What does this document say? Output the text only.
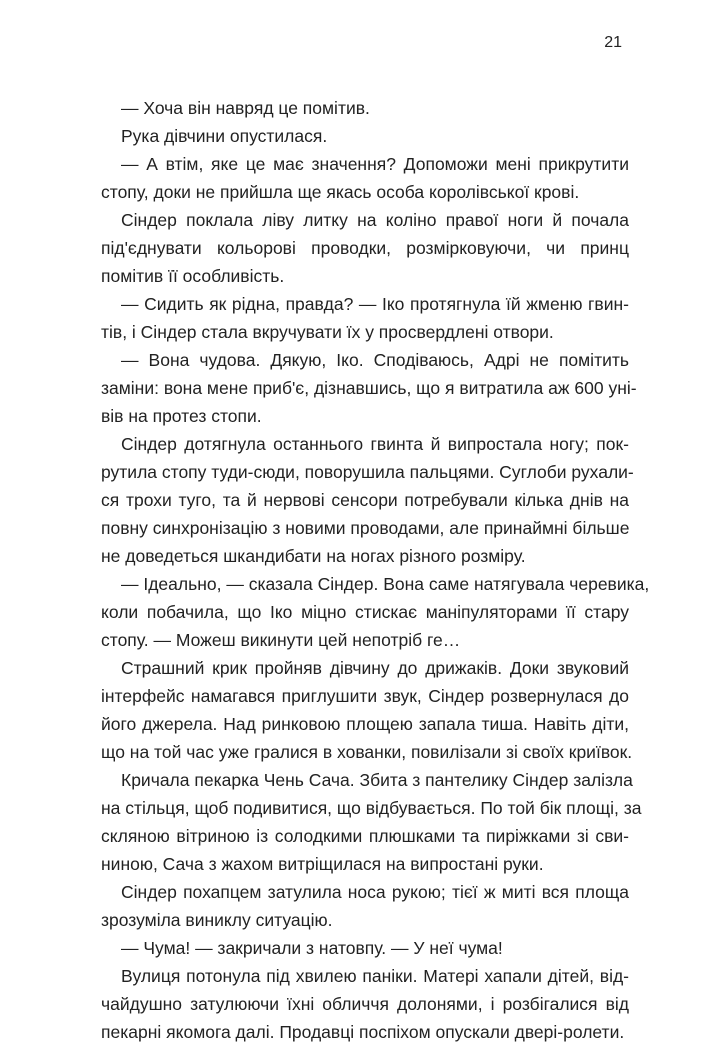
21

— Хоча він навряд це помітив.

Рука дівчини опустилася.

— А втім, яке це має значення? Допоможи мені прикрутити
стопу, доки не прийшла ще якась особа королівської крові.

Сіндер поклала ліву литку на коліно правої ноги й почала
під'єднувати кольорові проводки, розмірковуючи, чи принц
помітив її особливість.

— Сидить як рідна, правда? — Іко протягнула їй жменю гвин-
тів, і Сіндер стала вкручувати їх у просвердлені отвори.

— Вона чудова. Дякую, Іко. Сподіваюсь, Адрі не помітить
заміни: вона мене приб'є, дізнавшись, що я витратила аж 600 уні-
вів на протез стопи.

Сіндер дотягнула останнього гвинта й випростала ногу; пок-
рутила стопу туди-сюди, поворушила пальцями. Суглоби рухали-
ся трохи туго, та й нервові сенсори потребували кілька днів на
повну синхронізацію з новими проводами, але принаймні більше
не доведеться шкандибати на ногах різного розміру.

— Ідеально, — сказала Сіндер. Вона саме натягувала черевика,
коли побачила, що Іко міцно стискає маніпуляторами її стару
стопу. — Можеш викинути цей непотріб ге…

Страшний крик пройняв дівчину до дрижаків. Доки звуковий
інтерфейс намагався приглушити звук, Сіндер розвернулася до
його джерела. Над ринковою площею запала тиша. Навіть діти,
що на той час уже гралися в хованки, повилізали зі своїх криївок.

Кричала пекарка Чень Сача. Збита з пантелику Сіндер залізла
на стільця, щоб подивитися, що відбувається. По той бік площі, за
скляною вітриною із солодкими плюшками та пиріжками зі сви-
ниною, Сача з жахом витріщилася на випростані руки.

Сіндер похапцем затулила носа рукою; тієї ж миті вся площа
зрозуміла виниклу ситуацію.

— Чума! — закричали з натовпу. — У неї чума!

Вулиця потонула під хвилею паніки. Матері хапали дітей, від-
чайдушно затулюючи їхні обличчя долонями, і розбігалися від
пекарні якомога далі. Продавці поспіхом опускали двері-ролети.
